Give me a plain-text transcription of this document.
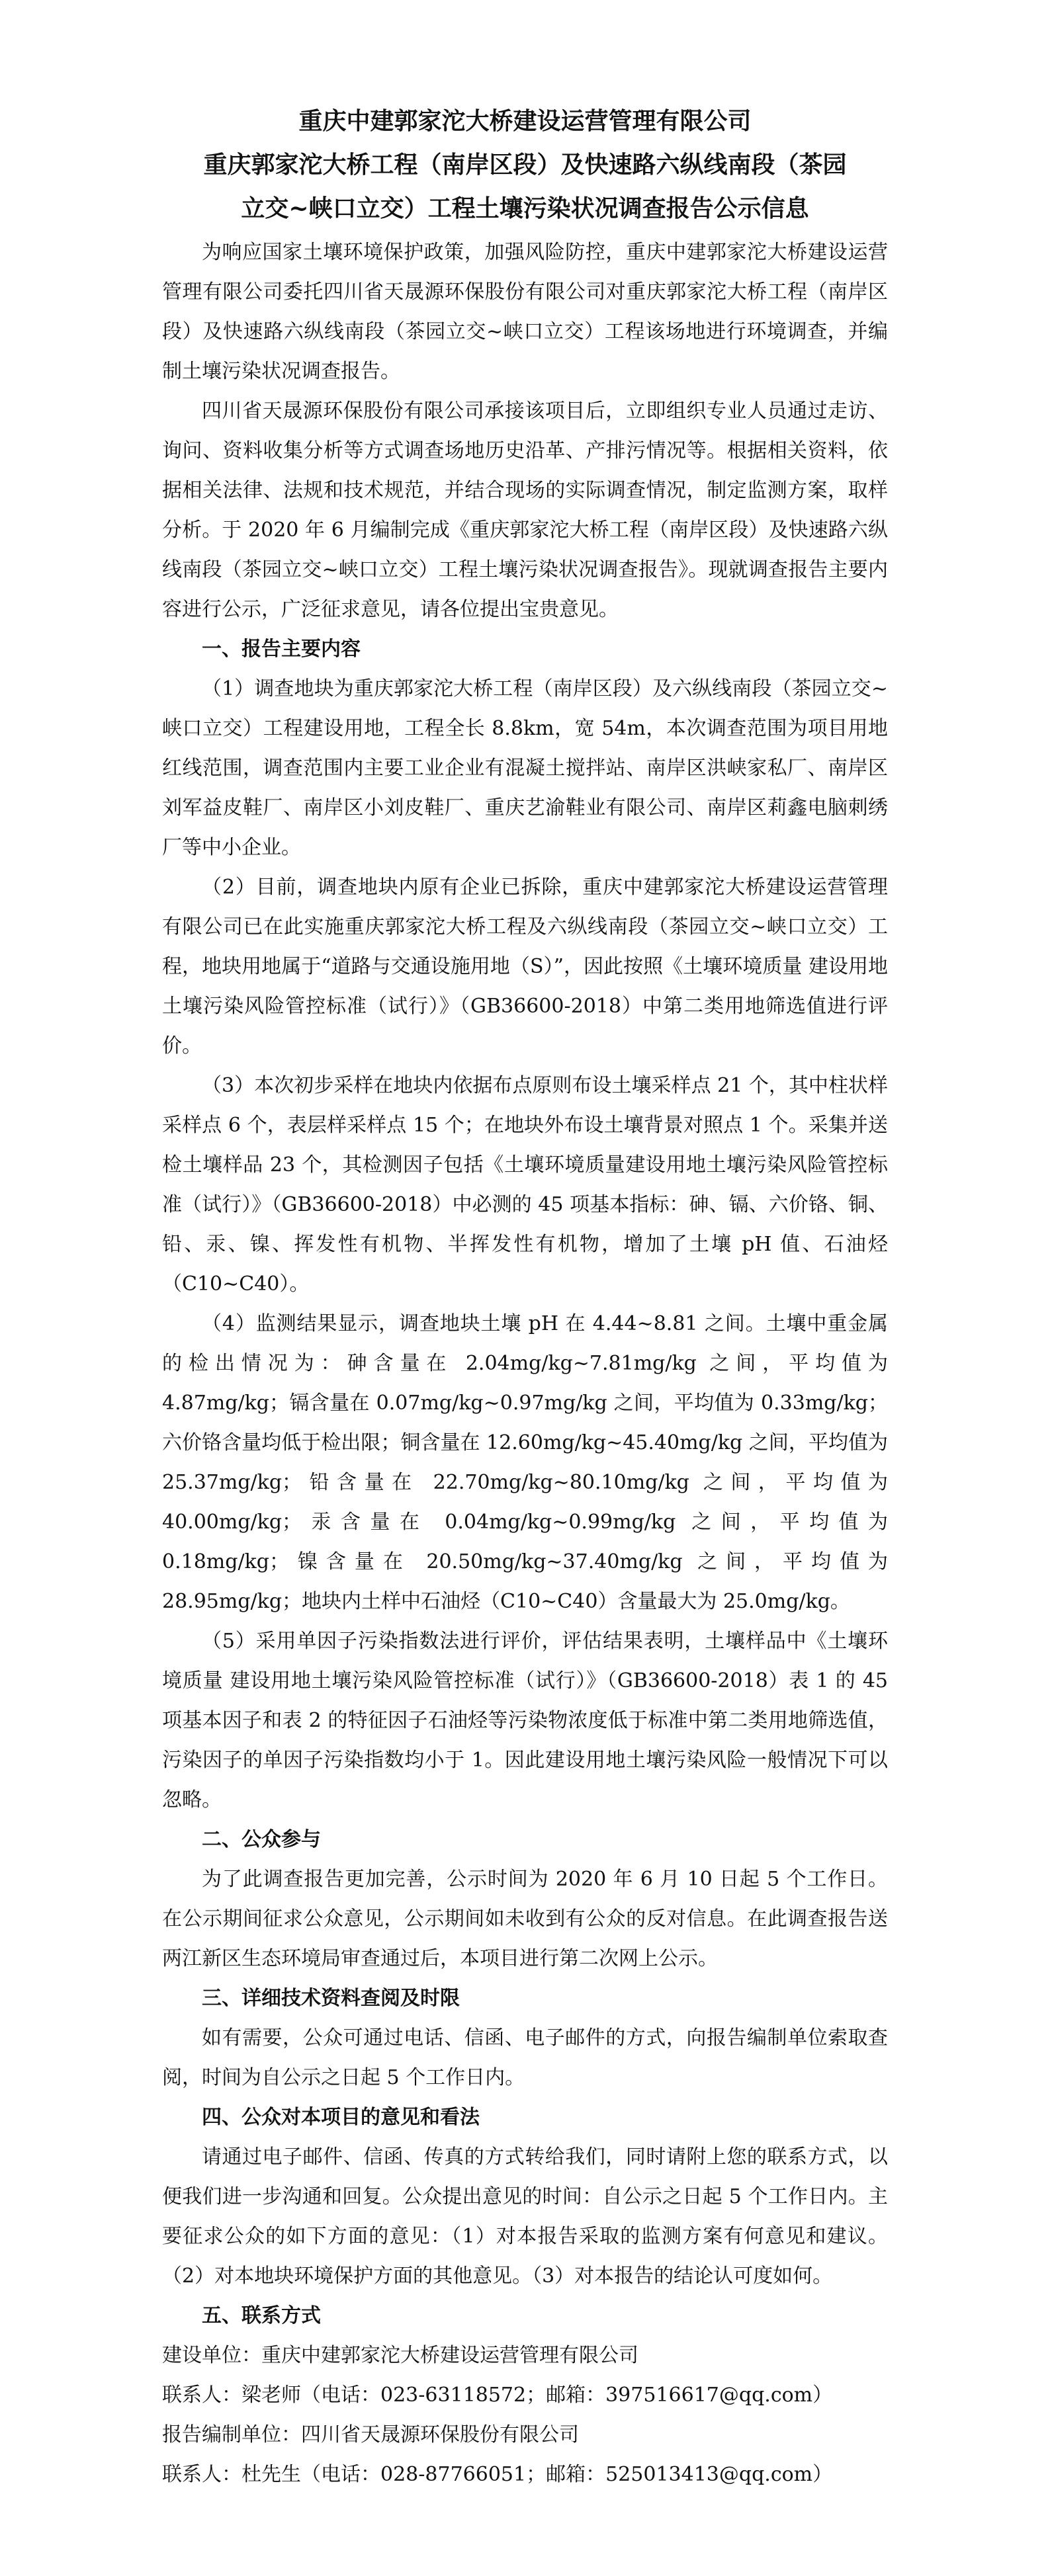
重庆中建郭家沱大桥建设运营管理有限公司
重庆郭家沱大桥工程（南岸区段）及快速路六纵线南段（茶园
立交~峡口立交）工程土壤污染状况调查报告公示信息

为响应国家土壤环境保护政策，加强风险防控，重庆中建郭家沱大桥建设运营管理有限公司委托四川省天晟源环保股份有限公司对重庆郭家沱大桥工程（南岸区段）及快速路六纵线南段（茶园立交~峡口立交）工程该场地进行环境调查，并编制土壤污染状况调查报告。

四川省天晟源环保股份有限公司承接该项目后，立即组织专业人员通过走访、询问、资料收集分析等方式调查场地历史沿革、产排污情况等。根据相关资料，依据相关法律、法规和技术规范，并结合现场的实际调查情况，制定监测方案，取样分析。于 2020 年 6 月编制完成《重庆郭家沱大桥工程（南岸区段）及快速路六纵线南段（茶园立交~峡口立交）工程土壤污染状况调查报告》。现就调查报告主要内容进行公示，广泛征求意见，请各位提出宝贵意见。

一、报告主要内容

（1）调查地块为重庆郭家沱大桥工程（南岸区段）及六纵线南段（茶园立交~峡口立交）工程建设用地，工程全长 8.8km，宽 54m，本次调查范围为项目用地红线范围，调查范围内主要工业企业有混凝土搅拌站、南岸区洪峡家私厂、南岸区刘军益皮鞋厂、南岸区小刘皮鞋厂、重庆艺渝鞋业有限公司、南岸区莉鑫电脑刺绣厂等中小企业。

（2）目前，调查地块内原有企业已拆除，重庆中建郭家沱大桥建设运营管理有限公司已在此实施重庆郭家沱大桥工程及六纵线南段（茶园立交~峡口立交）工程，地块用地属于“道路与交通设施用地（S）”，因此按照《土壤环境质量 建设用地土壤污染风险管控标准（试行）》（GB36600-2018）中第二类用地筛选值进行评价。

（3）本次初步采样在地块内依据布点原则布设土壤采样点 21 个，其中柱状样采样点 6 个，表层样采样点 15 个；在地块外布设土壤背景对照点 1 个。采集并送检土壤样品 23 个，其检测因子包括《土壤环境质量建设用地土壤污染风险管控标准（试行）》（GB36600-2018）中必测的 45 项基本指标：砷、镉、六价铬、铜、铅、汞、镍、挥发性有机物、半挥发性有机物，增加了土壤 pH 值、石油烃（C10~C40）。

（4）监测结果显示，调查地块土壤 pH 在 4.44~8.81 之间。土壤中重金属的检出情况为：砷含量在 2.04mg/kg~7.81mg/kg 之间，平均值为 4.87mg/kg；镉含量在 0.07mg/kg~0.97mg/kg 之间，平均值为 0.33mg/kg；六价铬含量均低于检出限；铜含量在 12.60mg/kg~45.40mg/kg 之间，平均值为 25.37mg/kg；铅含量在 22.70mg/kg~80.10mg/kg 之间，平均值为 40.00mg/kg；汞含量在 0.04mg/kg~0.99mg/kg 之间，平均值为 0.18mg/kg；镍含量在 20.50mg/kg~37.40mg/kg 之间，平均值为 28.95mg/kg；地块内土样中石油烃（C10~C40）含量最大为 25.0mg/kg。

（5）采用单因子污染指数法进行评价，评估结果表明，土壤样品中《土壤环境质量 建设用地土壤污染风险管控标准（试行）》（GB36600-2018）表 1 的 45 项基本因子和表 2 的特征因子石油烃等污染物浓度低于标准中第二类用地筛选值，污染因子的单因子污染指数均小于 1。因此建设用地土壤污染风险一般情况下可以忽略。

二、公众参与

为了此调查报告更加完善，公示时间为 2020 年 6 月 10 日起 5 个工作日。在公示期间征求公众意见，公示期间如未收到有公众的反对信息。在此调查报告送两江新区生态环境局审查通过后，本项目进行第二次网上公示。

三、详细技术资料查阅及时限

如有需要，公众可通过电话、信函、电子邮件的方式，向报告编制单位索取查阅，时间为自公示之日起 5 个工作日内。

四、公众对本项目的意见和看法

请通过电子邮件、信函、传真的方式转给我们，同时请附上您的联系方式，以便我们进一步沟通和回复。公众提出意见的时间：自公示之日起 5 个工作日内。主要征求公众的如下方面的意见：（1）对本报告采取的监测方案有何意见和建议。（2）对本地块环境保护方面的其他意见。（3）对本报告的结论认可度如何。

五、联系方式

建设单位：重庆中建郭家沱大桥建设运营管理有限公司

联系人：梁老师（电话：023-63118572；邮箱：397516617@qq.com）

报告编制单位：四川省天晟源环保股份有限公司

联系人：杜先生（电话：028-87766051；邮箱：525013413@qq.com）
